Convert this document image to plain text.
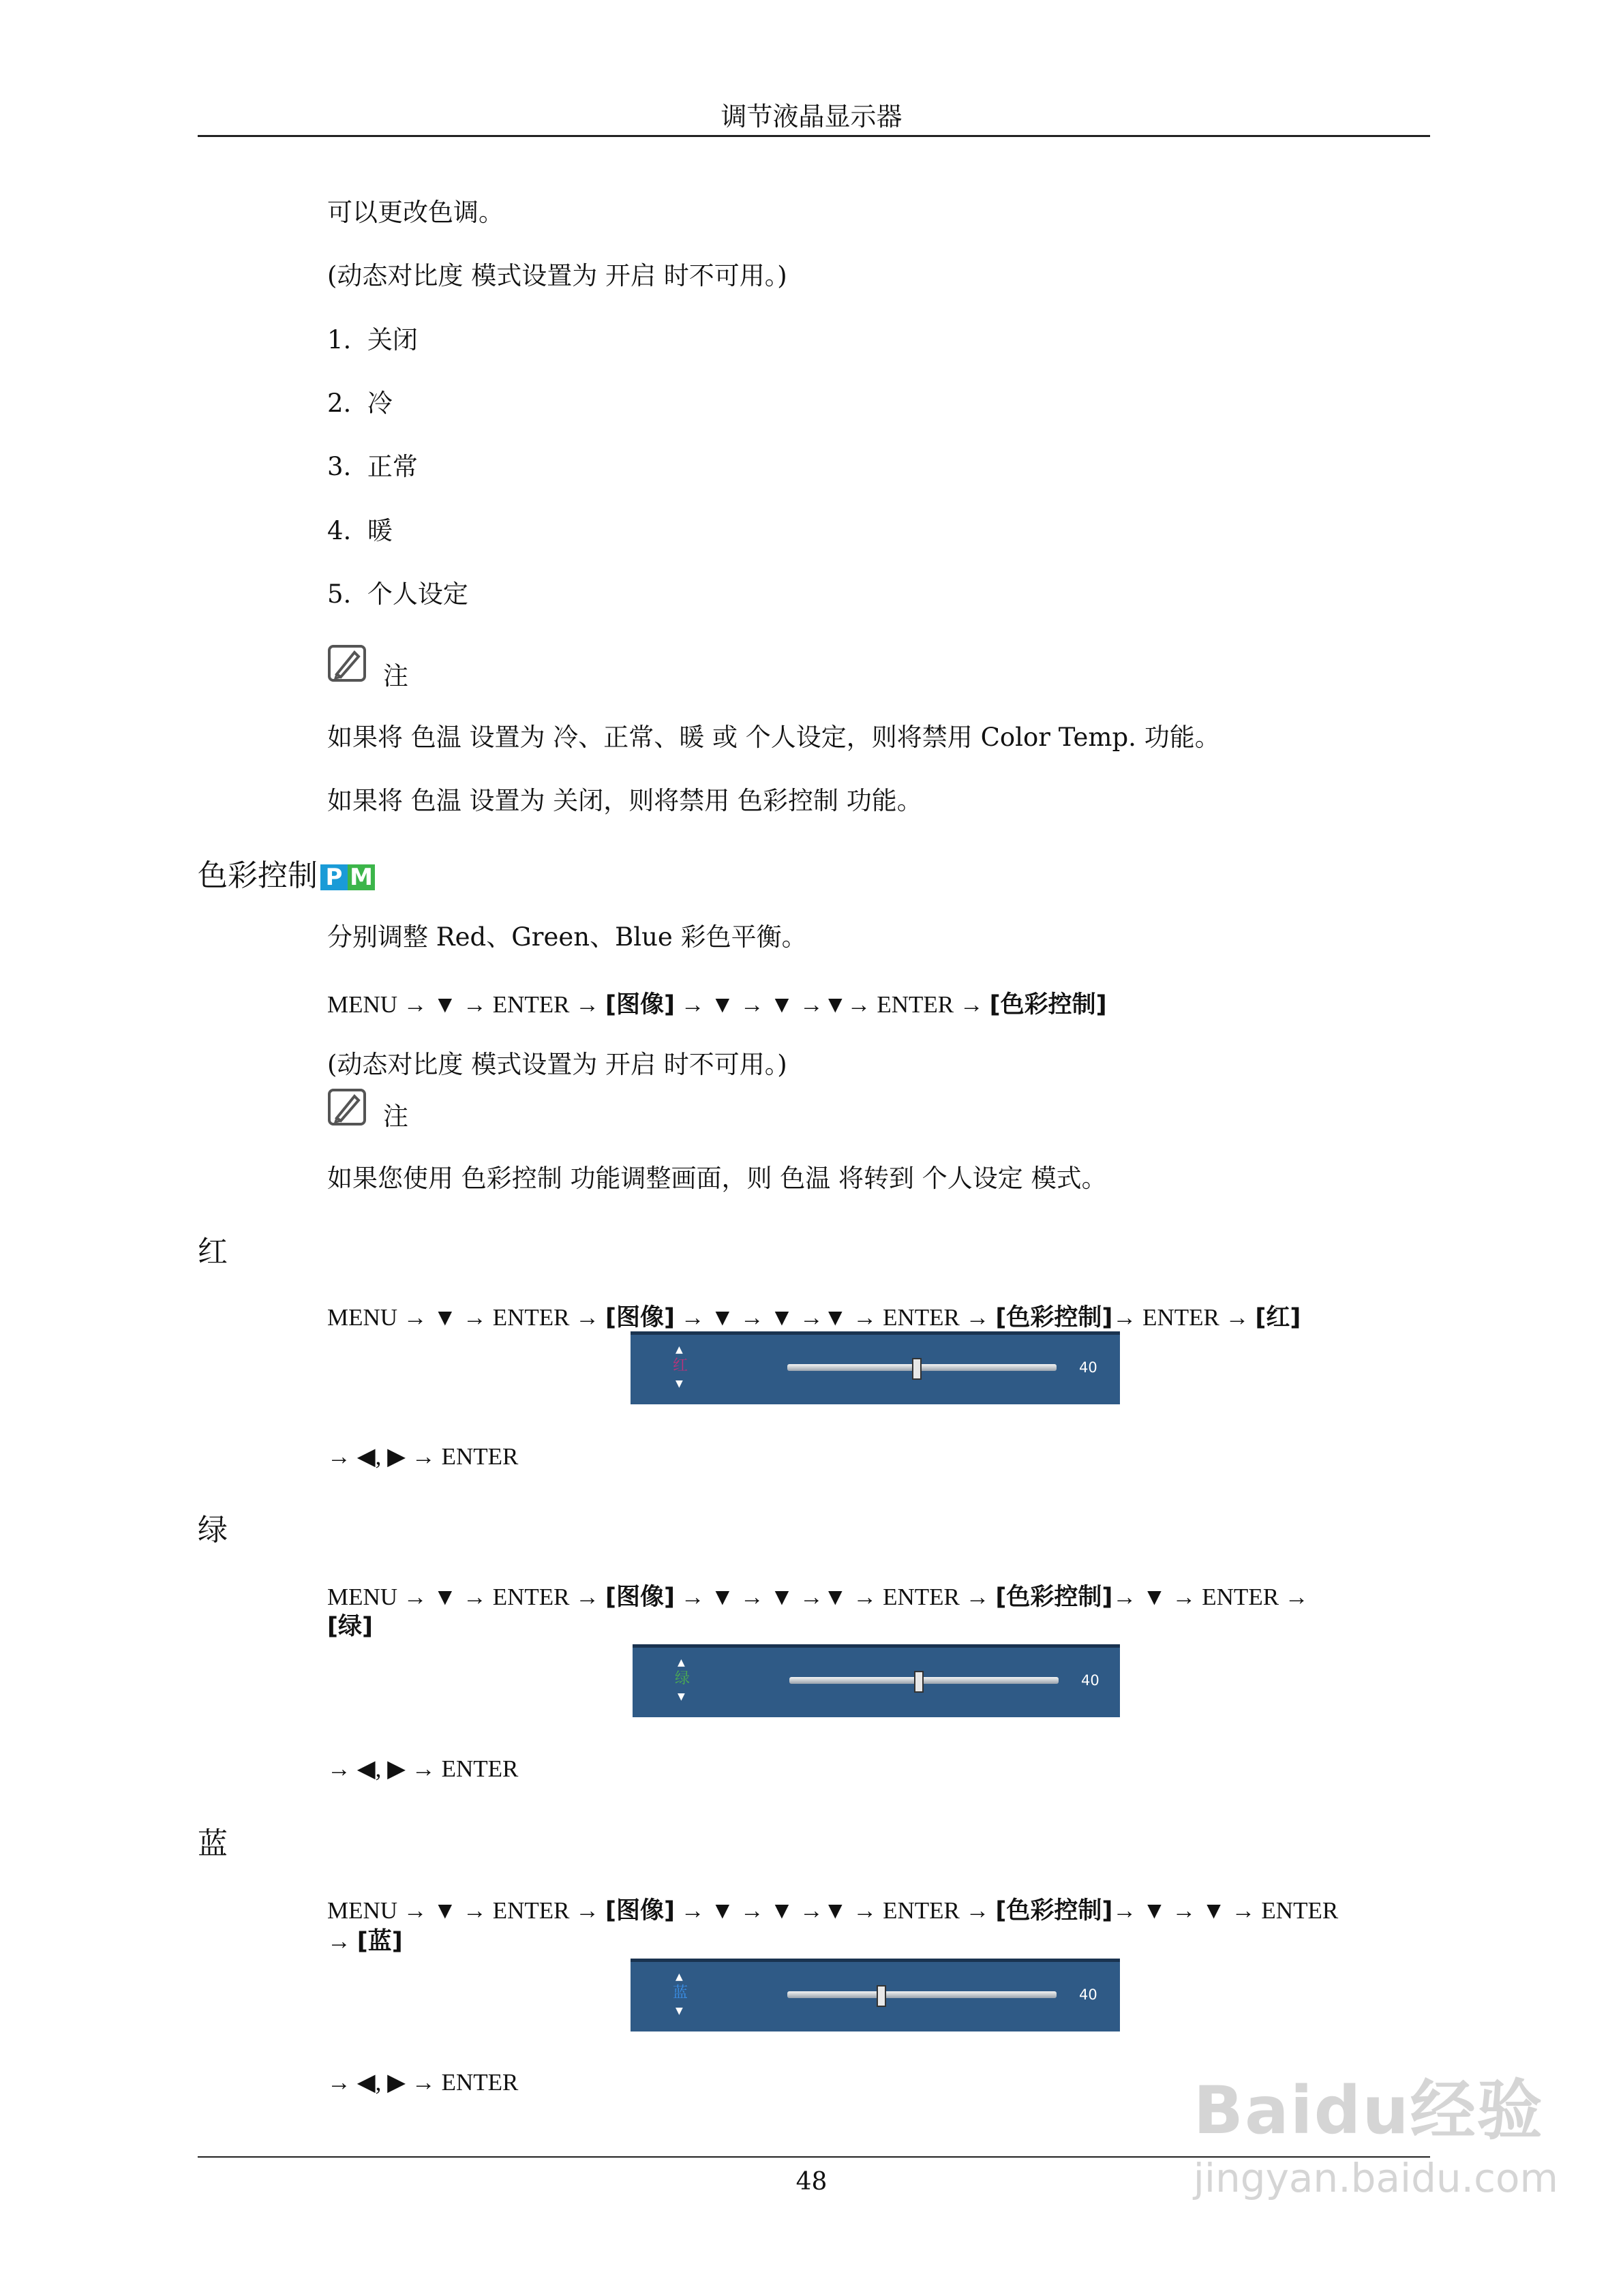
调节液晶显示器
可以更改色调。
(动态对比度 模式设置为 开启 时不可用。)
1. 关闭
2. 冷
3. 正常
4. 暖
5. 个人设定
注
如果将 色温 设置为 冷、正常、暖 或 个人设定，则将禁用 Color Temp. 功能。
如果将 色温 设置为 关闭，则将禁用 色彩控制 功能。
色彩控制 P M
分别调整 Red、Green、Blue 彩色平衡。
MENU → ▼ → ENTER → [图像] → ▼ → ▼ →▼→ ENTER → [色彩控制]
(动态对比度 模式设置为 开启 时不可用。)
注
如果您使用 色彩控制 功能调整画面，则 色温 将转到 个人设定 模式。
红
MENU → ▼ → ENTER → [图像] → ▼ → ▼ →▼ → ENTER → [色彩控制]→ ENTER → [红]
▲
红
▼
40
→ ◀, ▶ → ENTER
绿
MENU → ▼ → ENTER → [图像] → ▼ → ▼ →▼ → ENTER → [色彩控制]→ ▼ → ENTER →
[绿]
▲
绿
▼
40
→ ◀, ▶ → ENTER
蓝
MENU → ▼ → ENTER → [图像] → ▼ → ▼ →▼ → ENTER → [色彩控制]→ ▼ → ▼ → ENTER
→ [蓝]
▲
蓝
▼
40
→ ◀, ▶ → ENTER
48
Baidu经验
jingyan.baidu.com
